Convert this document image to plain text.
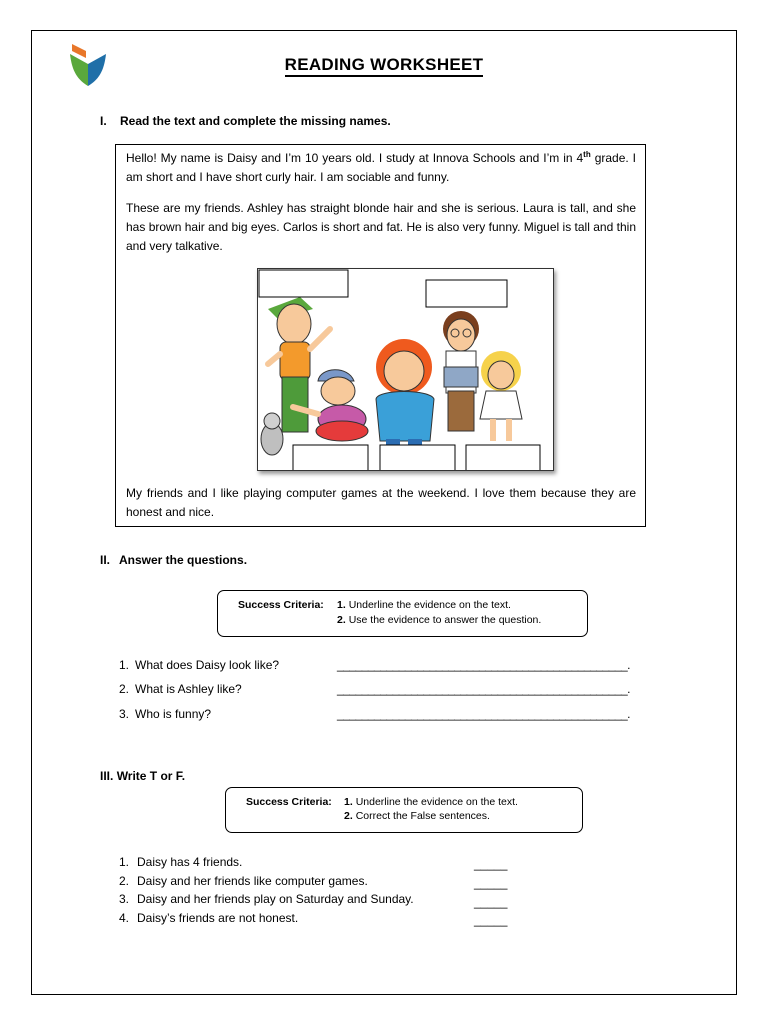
READING WORKSHEET
I. Read the text and complete the missing names.
Hello! My name is Daisy and I’m 10 years old. I study at Innova Schools and I’m in 4th grade. I am short and I have short curly hair. I am sociable and funny.
These are my friends. Ashley has straight blonde hair and she is serious. Laura is tall, and she has brown hair and big eyes. Carlos is short and fat. He is also very funny. Miguel is tall and thin and very talkative.
My friends and I like playing computer games at the weekend. I love them because they are honest and nice.
II. Answer the questions.
Success Criteria: 1. Underline the evidence on the text.
2. Use the evidence to answer the question.
1. What does Daisy look like?	_______________________________________________.
2. What is Ashley like?	_______________________________________________.
3. Who is funny?	_______________________________________________.
III. Write T or F.
Success Criteria: 1. Underline the evidence on the text.
2. Correct the False sentences.
1. Daisy has 4 friends.	_____
2. Daisy and her friends like computer games.	_____
3. Daisy and her friends play on Saturday and Sunday.	_____
4. Daisy’s friends are not honest.	_____
